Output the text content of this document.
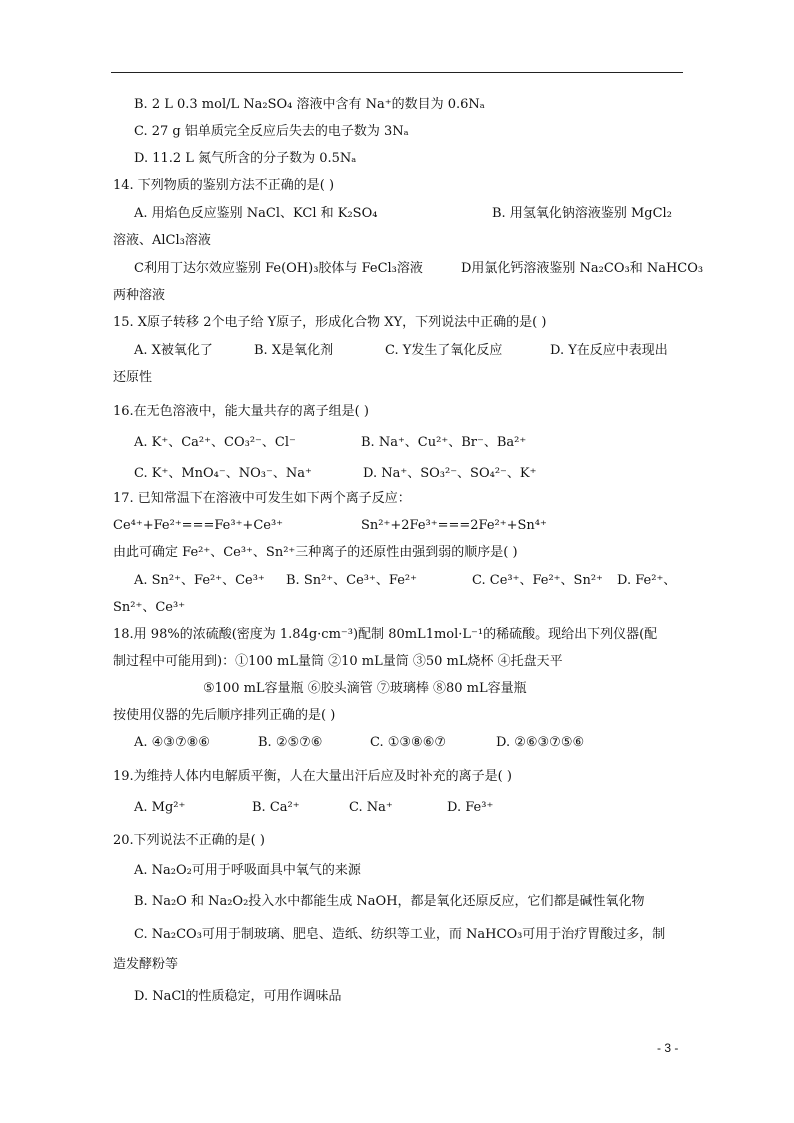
B. 2 L 0.3 mol/L Na₂SO₄ 溶液中含有 Na⁺的数目为 0.6Nₐ
C. 27 g 铝单质完全反应后失去的电子数为 3Nₐ
D. 11.2 L 氮气所含的分子数为 0.5Nₐ
14. 下列物质的鉴别方法不正确的是( )
A. 用焰色反应鉴别 NaCl、KCl 和 K₂SO₄	B. 用氢氧化钠溶液鉴别 MgCl₂
溶液、AlCl₃溶液
C利用丁达尔效应鉴别 Fe(OH)₃胶体与 FeCl₃溶液	D用氯化钙溶液鉴别 Na₂CO₃和 NaHCO₃
两种溶液
15. X原子转移 2个电子给 Y原子，形成化合物 XY，下列说法中正确的是( )
A. X被氧化了	B. X是氧化剂	C. Y发生了氧化反应	D. Y在反应中表现出
还原性
16.在无色溶液中，能大量共存的离子组是( )
A. K⁺、Ca²⁺、CO₃²⁻、Cl⁻	B. Na⁺、Cu²⁺、Br⁻、Ba²⁺
C. K⁺、MnO₄⁻、NO₃⁻、Na⁺	D. Na⁺、SO₃²⁻、SO₄²⁻、K⁺
17. 已知常温下在溶液中可发生如下两个离子反应：
Ce⁴⁺+Fe²⁺===Fe³⁺+Ce³⁺	Sn²⁺+2Fe³⁺===2Fe²⁺+Sn⁴⁺
由此可确定 Fe²⁺、Ce³⁺、Sn²⁺三种离子的还原性由强到弱的顺序是( )
A. Sn²⁺、Fe²⁺、Ce³⁺ B. Sn²⁺、Ce³⁺、Fe²⁺	C. Ce³⁺、Fe²⁺、Sn²⁺ D. Fe²⁺、
Sn²⁺、Ce³⁺
18.用 98%的浓硫酸(密度为 1.84g·cm⁻³)配制 80mL1mol·L⁻¹的稀硫酸。现给出下列仪器(配
制过程中可能用到)：①100 mL量筒 ②10 mL量筒 ③50 mL烧杯 ④托盘天平
⑤100 mL容量瓶 ⑥胶头滴管 ⑦玻璃棒 ⑧80 mL容量瓶
按使用仪器的先后顺序排列正确的是( )
A. ④③⑦⑧⑥	B. ②⑤⑦⑥	C. ①③⑧⑥⑦	D. ②⑥③⑦⑤⑥
19.为维持人体内电解质平衡，人在大量出汗后应及时补充的离子是( )
A. Mg²⁺	B. Ca²⁺	C. Na⁺	D. Fe³⁺
20.下列说法不正确的是( )
A. Na₂O₂可用于呼吸面具中氧气的来源
B. Na₂O 和 Na₂O₂投入水中都能生成 NaOH，都是氧化还原反应，它们都是碱性氧化物
C. Na₂CO₃可用于制玻璃、肥皂、造纸、纺织等工业，而 NaHCO₃可用于治疗胃酸过多，制
造发酵粉等
D. NaCl的性质稳定，可用作调味品
- 3 -
